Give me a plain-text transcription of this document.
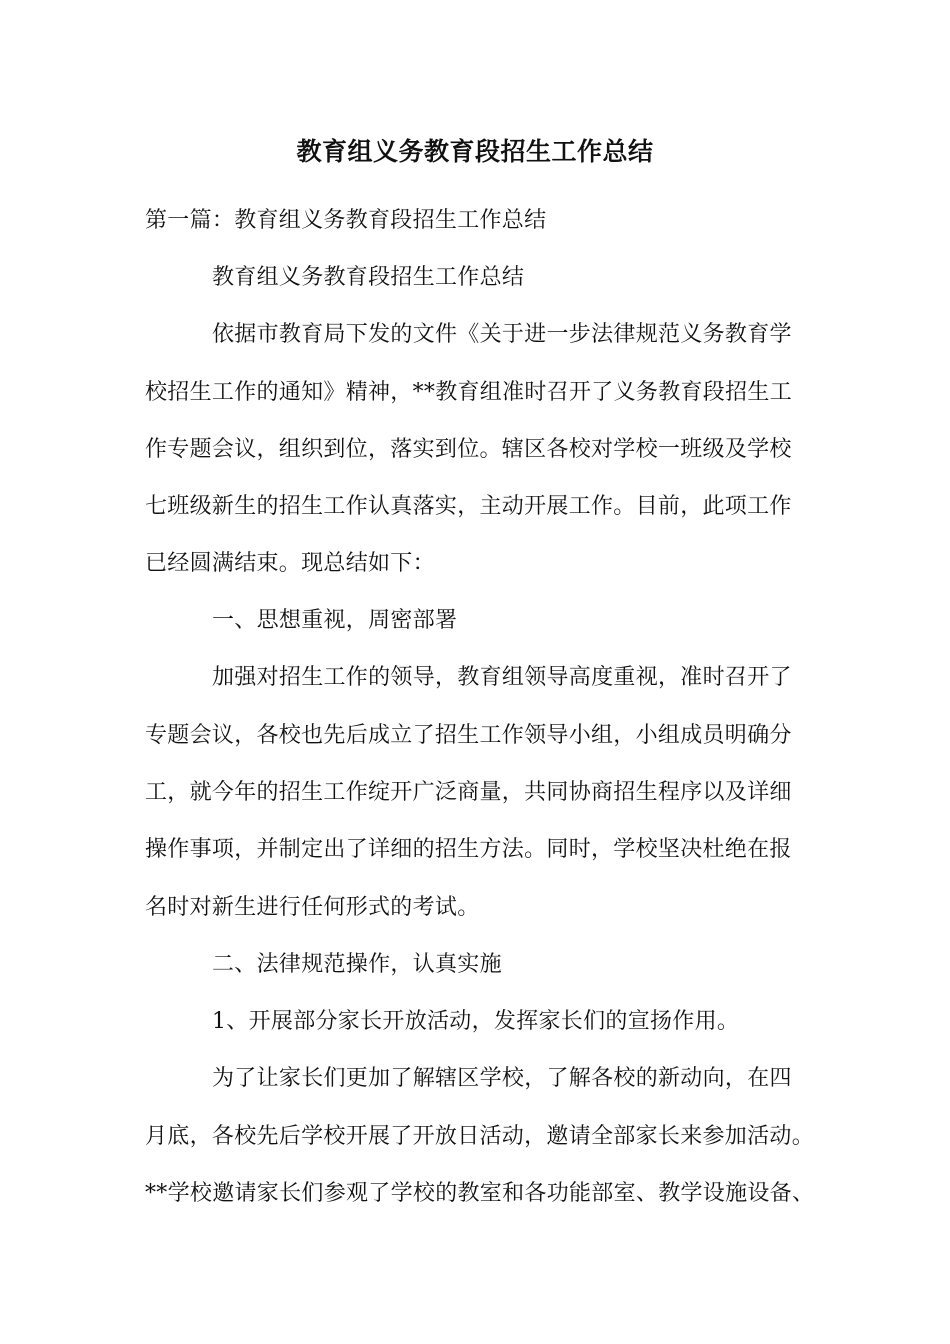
教育组义务教育段招生工作总结
第一篇：教育组义务教育段招生工作总结
教育组义务教育段招生工作总结
依据市教育局下发的文件《关于进一步法律规范义务教育学
校招生工作的通知》精神，**教育组准时召开了义务教育段招生工
作专题会议，组织到位，落实到位。辖区各校对学校一班级及学校
七班级新生的招生工作认真落实，主动开展工作。目前，此项工作
已经圆满结束。现总结如下：
一、思想重视，周密部署
加强对招生工作的领导，教育组领导高度重视，准时召开了
专题会议，各校也先后成立了招生工作领导小组，小组成员明确分
工，就今年的招生工作绽开广泛商量，共同协商招生程序以及详细
操作事项，并制定出了详细的招生方法。同时，学校坚决杜绝在报
名时对新生进行任何形式的考试。
二、法律规范操作，认真实施
1、开展部分家长开放活动，发挥家长们的宣扬作用。
为了让家长们更加了解辖区学校，了解各校的新动向，在四
月底，各校先后学校开展了开放日活动，邀请全部家长来参加活动。
**学校邀请家长们参观了学校的教室和各功能部室、教学设施设备、
